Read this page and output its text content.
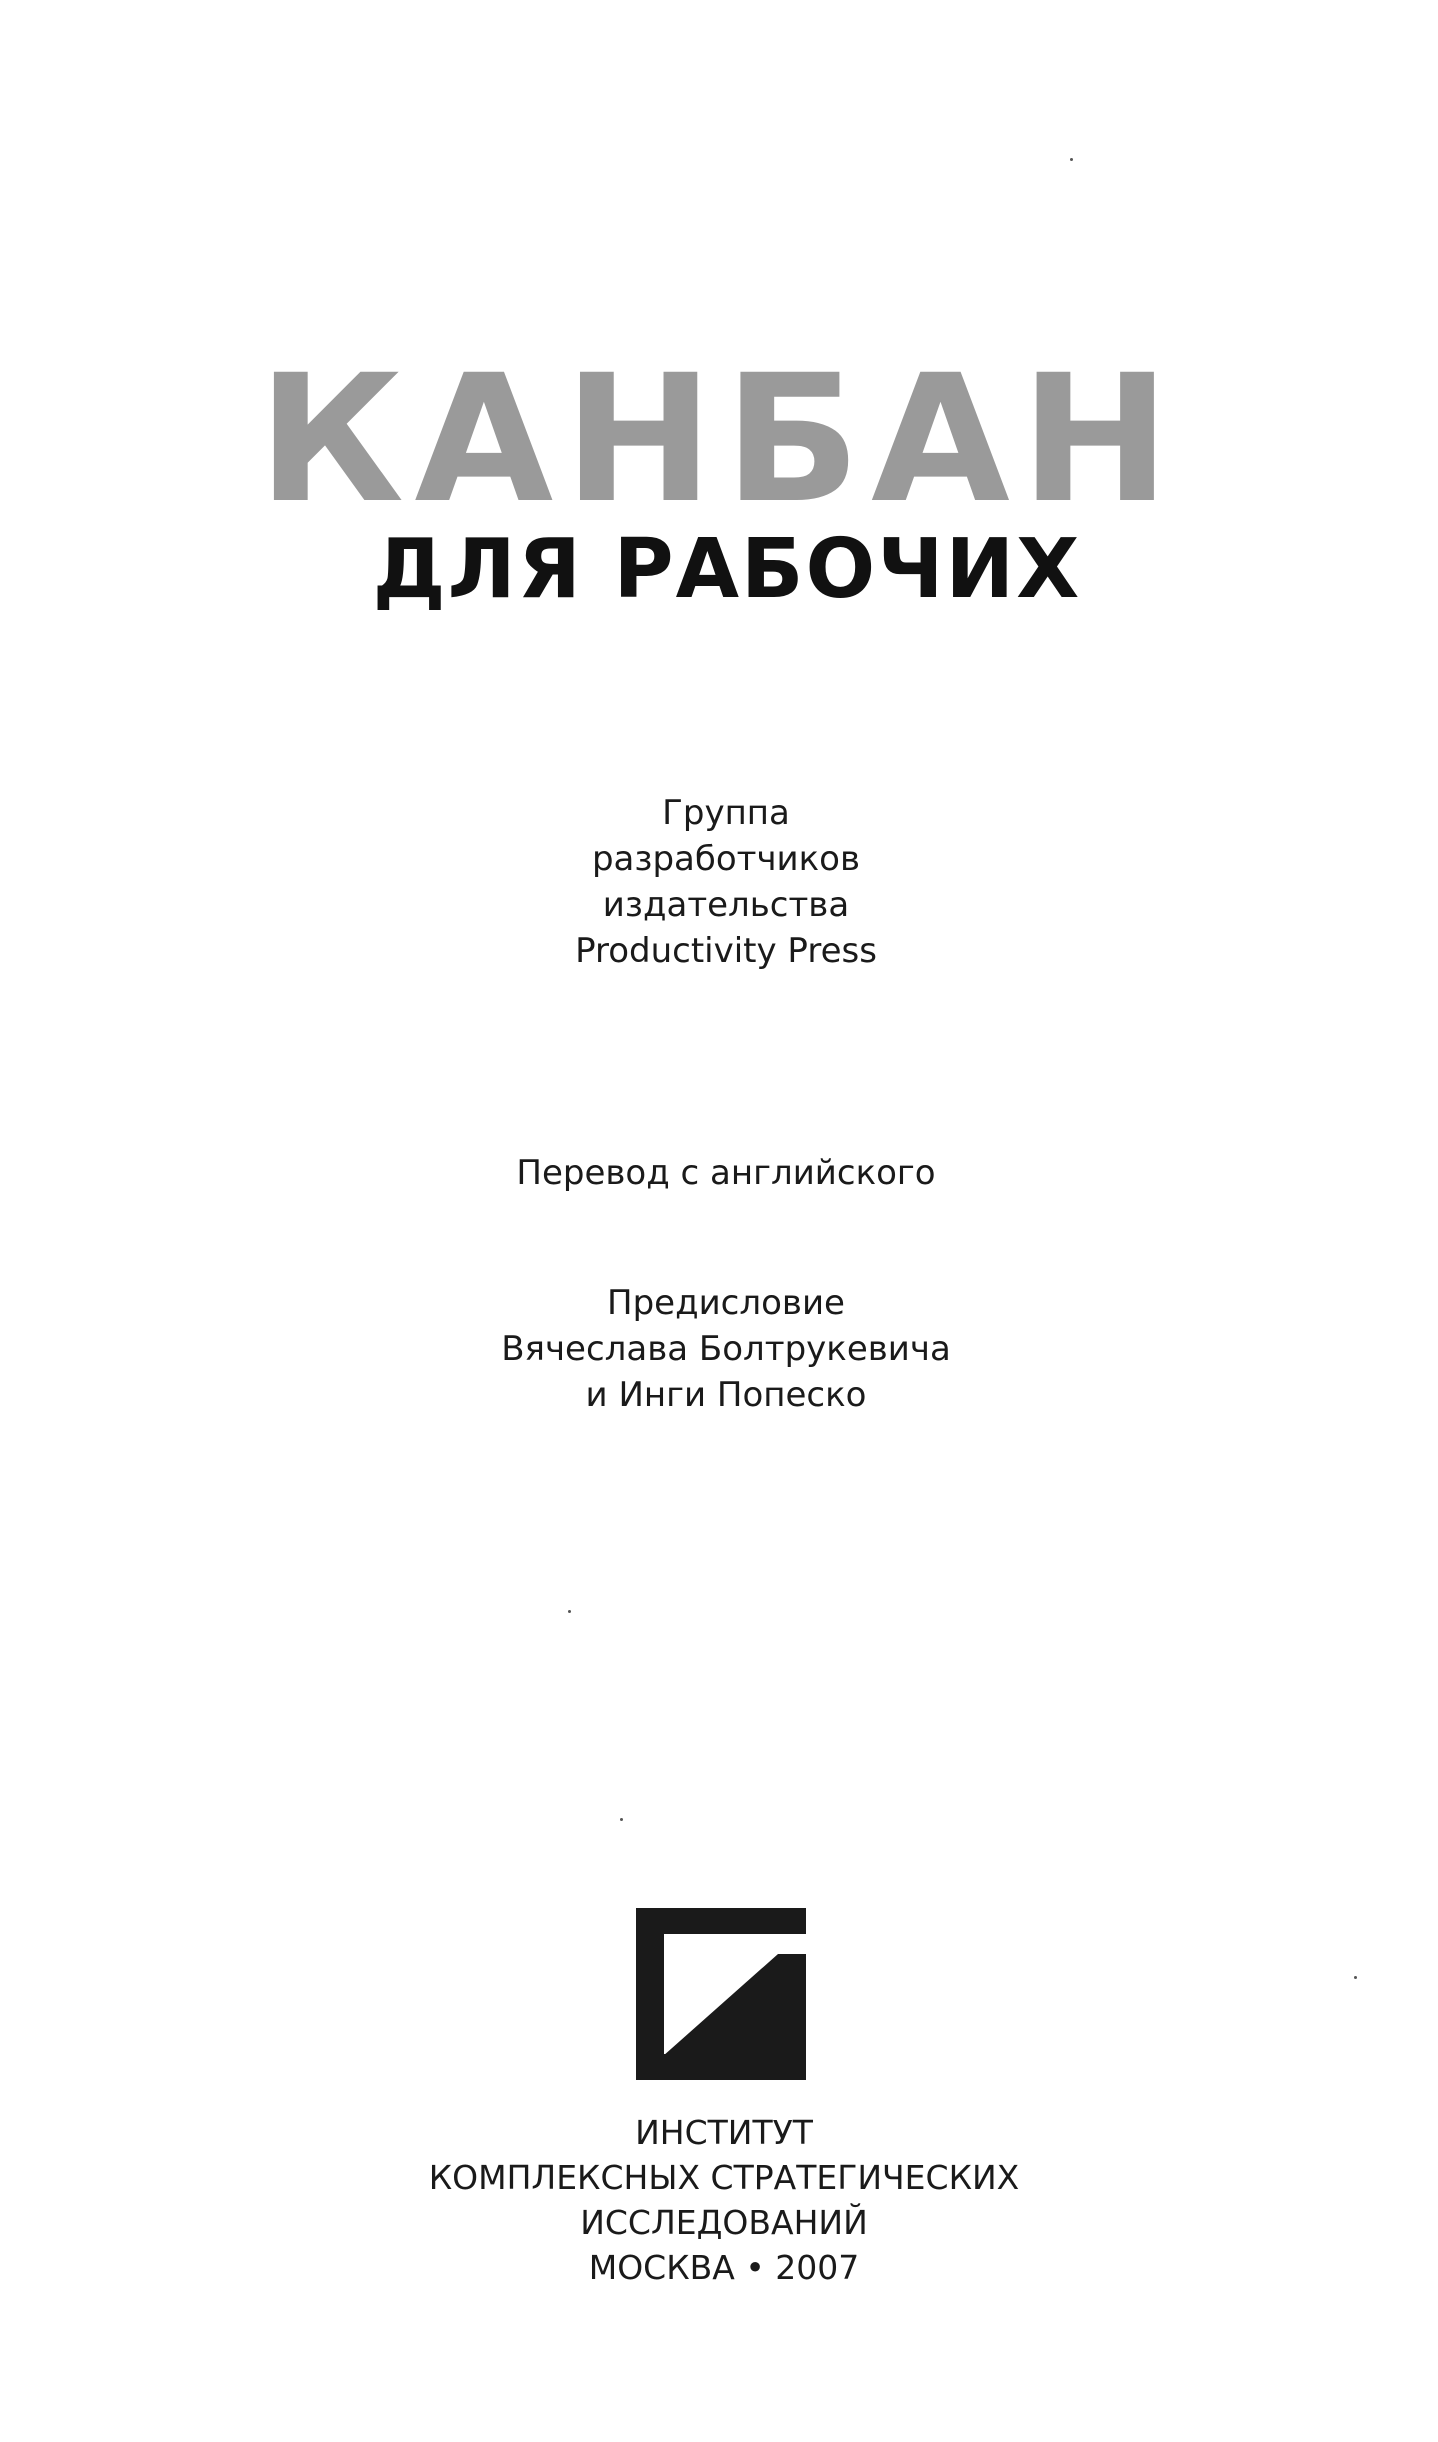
КАНБАН
ДЛЯ РАБОЧИХ
Группа
разработчиков
издательства
Productivity Press
Перевод с английского
Предисловие
Вячеслава Болтрукевича
и Инги Попеско
ИНСТИТУТ
КОМПЛЕКСНЫХ СТРАТЕГИЧЕСКИХ
ИССЛЕДОВАНИЙ
МОСКВА • 2007
